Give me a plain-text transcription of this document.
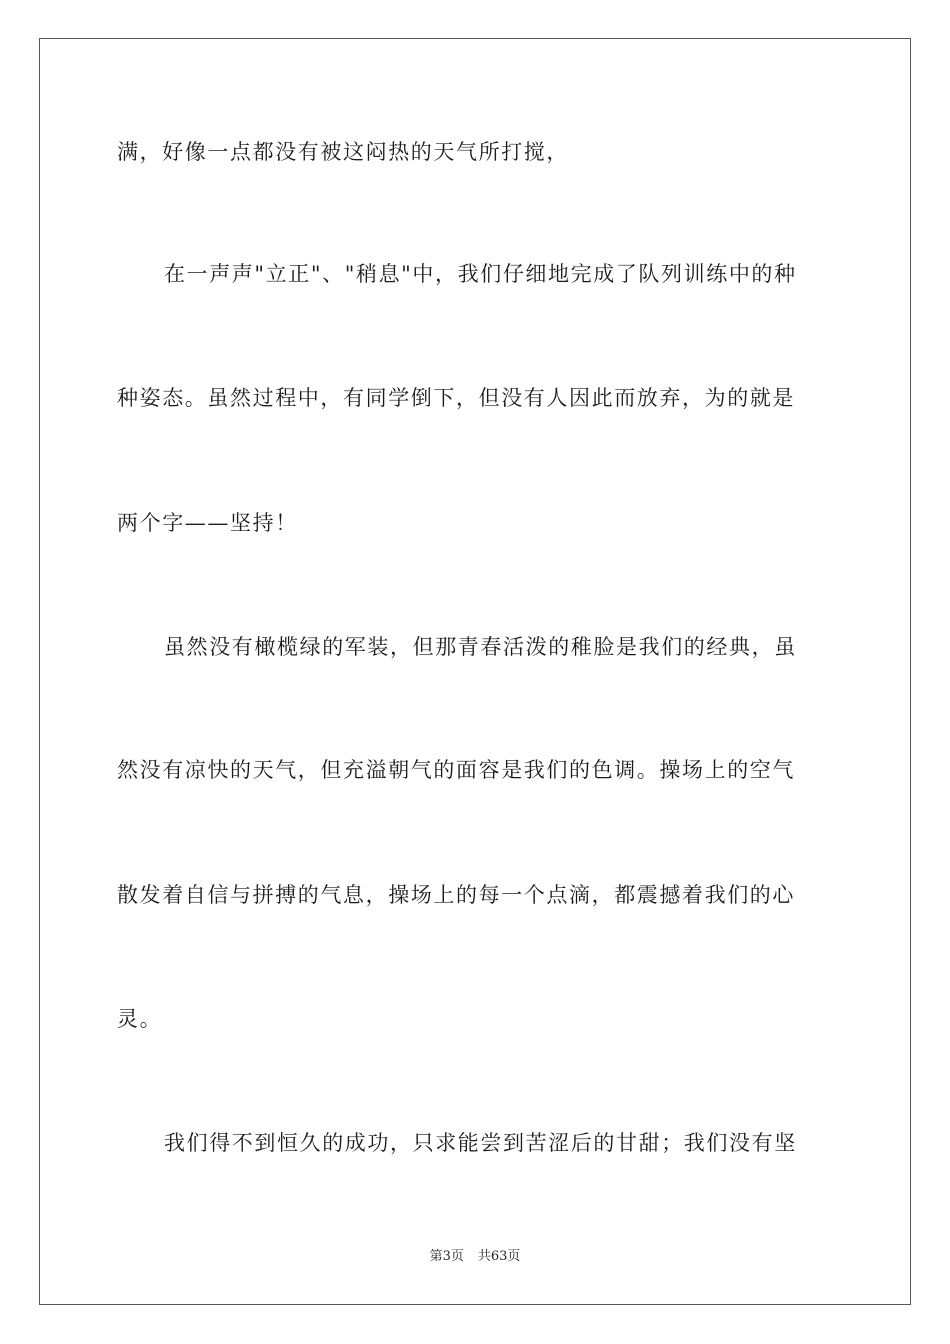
满，好像一点都没有被这闷热的天气所打搅，
在一声声"立正"、"稍息"中，我们仔细地完成了队列训练中的种
种姿态。虽然过程中，有同学倒下，但没有人因此而放弃，为的就是
两个字——坚持！
虽然没有橄榄绿的军装，但那青春活泼的稚脸是我们的经典，虽
然没有凉快的天气，但充溢朝气的面容是我们的色调。操场上的空气
散发着自信与拼搏的气息，操场上的每一个点滴，都震撼着我们的心
灵。
我们得不到恒久的成功，只求能尝到苦涩后的甘甜；我们没有坚
第3页 共63页
